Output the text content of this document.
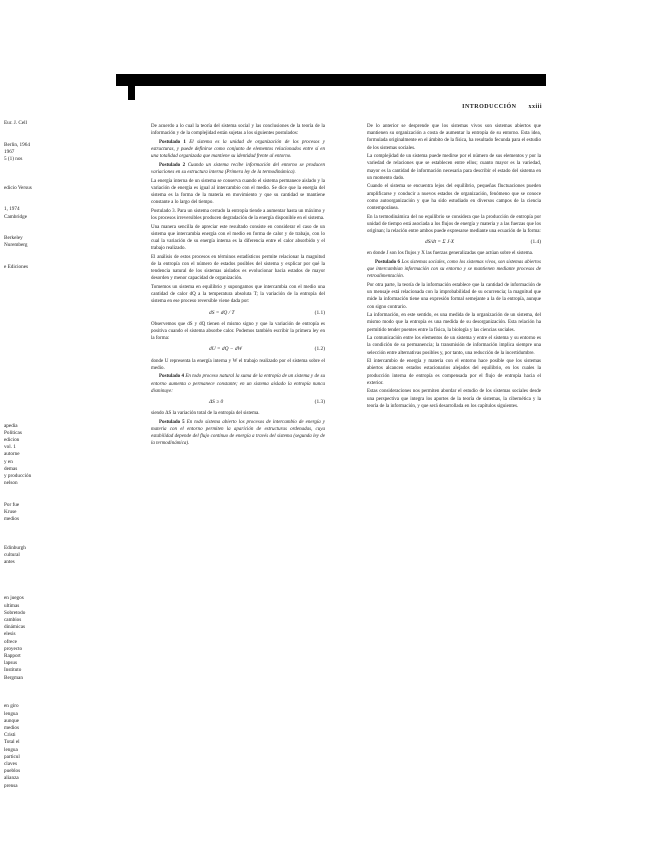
INTRODUCCIÓN xxiii
Eur. J. Cell

Berlin, 1964
1967
5 (1) nos

edicio Versus

1, 1974
Cambridge

Berkeley
Nuremberg

e Ediciones

apedia
Políticas
edicion
vol. 1
autorne
y en
demas
y producción
nelson

Por fue
Kruse
medios

Edinburgh
cultural
antes

en juegos
ultimas
Sobretodo
cambios
dinámicas
elesis
ofrece
proyecto
Rapport
lapsus
Instituto
Bergman

en giro
lengua
aunque
medios
Cristi
Total el
lengua
particul
claves
pueblos
alianza
prensa

De acuerdo a lo cual la teoría del sistema social y las conclusiones de la teoría de la información y de la complejidad están sujetas a los siguientes postulados:

Postulado 1 El sistema es la unidad de organización de los procesos y estructuras, y puede definirse como conjunto de elementos relacionados entre sí en una totalidad organizada que mantiene su identidad frente al entorno.

Postulado 2 Cuando un sistema recibe información del entorno se producen variaciones en su estructura interna (Primera ley de la termodinámica).

La energía interna de un sistema se conserva cuando el sistema permanece aislado y la variación de energía es igual al intercambio con el medio. Se dice que la energía del sistema es la forma de la materia en movimiento y que su cantidad se mantiene constante a lo largo del tiempo.

Postulado 3. Para un sistema cerrado la entropía tiende a aumentar hasta un máximo y los procesos irreversibles producen degradación de la energía disponible en el sistema.

Una manera sencilla de apreciar este resultado consiste en considerar el caso de un sistema que intercambia energía con el medio en forma de calor y de trabajo, con lo cual la variación de su energía interna es la diferencia entre el calor absorbido y el trabajo realizado.

El análisis de estos procesos en términos estadísticos permite relacionar la magnitud de la entropía con el número de estados posibles del sistema y explicar por qué la tendencia natural de los sistemas aislados es evolucionar hacia estados de mayor desorden y menor capacidad de organización.

Tomemos un sistema en equilibrio y supongamos que intercambia con el medio una cantidad de calor dQ a la temperatura absoluta T; la variación de la entropía del sistema en ese proceso reversible viene dada por:

dS = dQ / T	(1.1)

Observemos que dS y dQ tienen el mismo signo y que la variación de entropía es positiva cuando el sistema absorbe calor. Podemos también escribir la primera ley en la forma:

dU = dQ − dW	(1.2)

donde U representa la energía interna y W el trabajo realizado por el sistema sobre el medio.

Postulado 4 En todo proceso natural la suma de la entropía de un sistema y de su entorno aumenta o permanece constante; en un sistema aislado la entropía nunca disminuye:

ΔS ≥ 0	(1.3)

siendo ΔS la variación total de la entropía del sistema.

Postulado 5 En todo sistema abierto los procesos de intercambio de energía y materia con el entorno permiten la aparición de estructuras ordenadas, cuya estabilidad depende del flujo continuo de energía a través del sistema (segunda ley de la termodinámica).

De lo anterior se desprende que los sistemas vivos son sistemas abiertos que mantienen su organización a costa de aumentar la entropía de su entorno. Esta idea, formulada originalmente en el ámbito de la física, ha resultado fecunda para el estudio de los sistemas sociales.

La complejidad de un sistema puede medirse por el número de sus elementos y por la variedad de relaciones que se establecen entre ellos; cuanto mayor es la variedad, mayor es la cantidad de información necesaria para describir el estado del sistema en un momento dado.

Cuando el sistema se encuentra lejos del equilibrio, pequeñas fluctuaciones pueden amplificarse y conducir a nuevos estados de organización, fenómeno que se conoce como autoorganización y que ha sido estudiado en diversos campos de la ciencia contemporánea.

En la termodinámica del no equilibrio se considera que la producción de entropía por unidad de tiempo está asociada a los flujos de energía y materia y a las fuerzas que los originan; la relación entre ambos puede expresarse mediante una ecuación de la forma:

dS/dt = Σ J·X	(1.4)

en donde J son los flujos y X las fuerzas generalizadas que actúan sobre el sistema.

Postulado 6 Los sistemas sociales, como los sistemas vivos, son sistemas abiertos que intercambian información con su entorno y se mantienen mediante procesos de retroalimentación.

Por otra parte, la teoría de la información establece que la cantidad de información de un mensaje está relacionada con la improbabilidad de su ocurrencia; la magnitud que mide la información tiene una expresión formal semejante a la de la entropía, aunque con signo contrario.

La información, en este sentido, es una medida de la organización de un sistema, del mismo modo que la entropía es una medida de su desorganización. Esta relación ha permitido tender puentes entre la física, la biología y las ciencias sociales.

La comunicación entre los elementos de un sistema y entre el sistema y su entorno es la condición de su permanencia; la transmisión de información implica siempre una selección entre alternativas posibles y, por tanto, una reducción de la incertidumbre.

El intercambio de energía y materia con el entorno hace posible que los sistemas abiertos alcancen estados estacionarios alejados del equilibrio, en los cuales la producción interna de entropía es compensada por el flujo de entropía hacia el exterior.

Estas consideraciones nos permiten abordar el estudio de los sistemas sociales desde una perspectiva que integra los aportes de la teoría de sistemas, la cibernética y la teoría de la información, y que será desarrollada en los capítulos siguientes.
